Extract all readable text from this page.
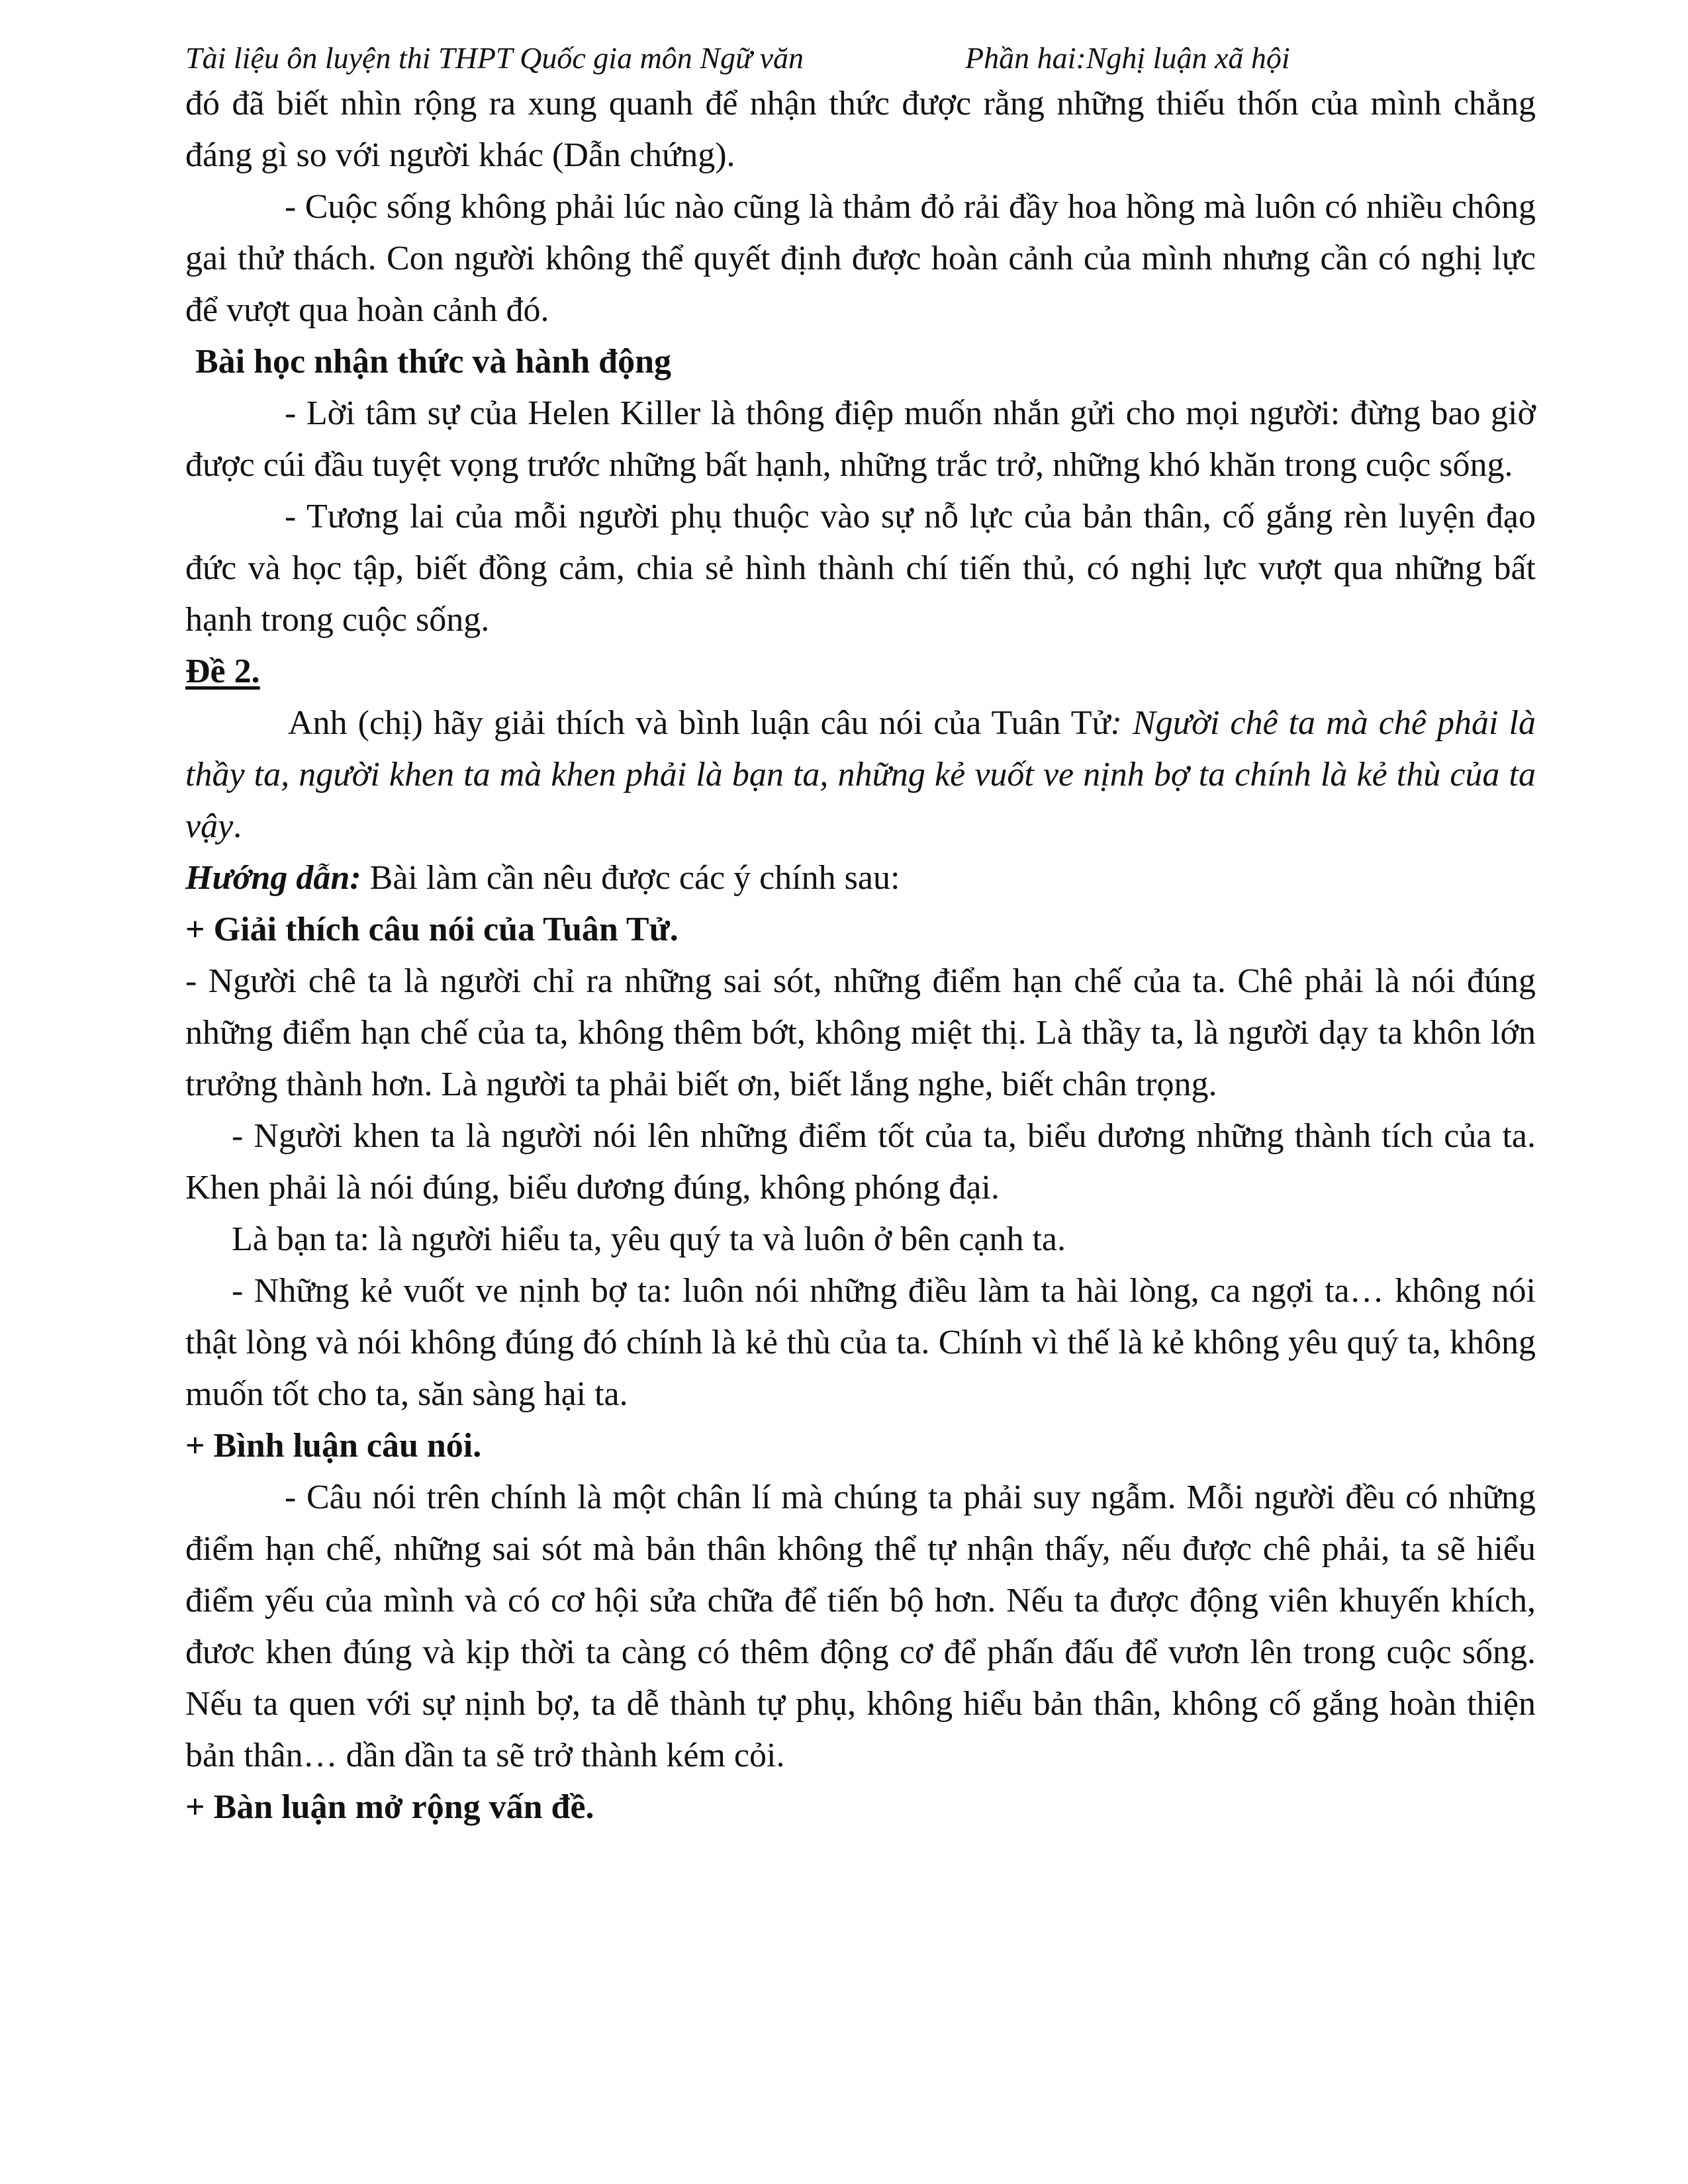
Tài liệu ôn luyện thi THPT Quốc gia môn Ngữ văn	Phần hai:Nghị luận xã hội

đó đã biết nhìn rộng ra xung quanh để nhận thức được rằng những thiếu thốn của mình chẳng đáng gì so với người khác (Dẫn chứng).

- Cuộc sống không phải lúc nào cũng là thảm đỏ rải đầy hoa hồng mà luôn có nhiều chông gai thử thách. Con người không thể quyết định được hoàn cảnh của mình nhưng cần có nghị lực để vượt qua hoàn cảnh đó.

Bài học nhận thức và hành động

- Lời tâm sự của Helen Killer là thông điệp muốn nhắn gửi cho mọi người: đừng bao giờ được cúi đầu tuyệt vọng trước những bất hạnh, những trắc trở, những khó khăn trong cuộc sống.

- Tương lai của mỗi người phụ thuộc vào sự nỗ lực của bản thân, cố gắng rèn luyện đạo đức và học tập, biết đồng cảm, chia sẻ hình thành chí tiến thủ, có nghị lực vượt qua những bất hạnh trong cuộc sống.

Đề 2.

Anh (chị) hãy giải thích và bình luận câu nói của Tuân Tử: Người chê ta mà chê phải là thầy ta, người khen ta mà khen phải là bạn ta, những kẻ vuốt ve nịnh bợ ta chính là kẻ thù của ta vậy.

Hướng dẫn: Bài làm cần nêu được các ý chính sau:

+ Giải thích câu nói của Tuân Tử.

- Người chê ta là người chỉ ra những sai sót, những điểm hạn chế của ta. Chê phải là nói đúng những điểm hạn chế của ta, không thêm bớt, không miệt thị. Là thầy ta, là người dạy ta khôn lớn trưởng thành hơn. Là người ta phải biết ơn, biết lắng nghe, biết chân trọng.

- Người khen ta là người nói lên những điểm tốt của ta, biểu dương những thành tích của ta. Khen phải là nói đúng, biểu dương đúng, không phóng đại.

Là bạn ta: là người hiểu ta, yêu quý ta và luôn ở bên cạnh ta.

- Những kẻ vuốt ve nịnh bợ ta: luôn nói những điều làm ta hài lòng, ca ngợi ta… không nói thật lòng và nói không đúng đó chính là kẻ thù của ta. Chính vì thế là kẻ không yêu quý ta, không muốn tốt cho ta, săn sàng hại ta.

+ Bình luận câu nói.

- Câu nói trên chính là một chân lí mà chúng ta phải suy ngẫm. Mỗi người đều có những điểm hạn chế, những sai sót mà bản thân không thể tự nhận thấy, nếu được chê phải, ta sẽ hiểu điểm yếu của mình và có cơ hội sửa chữa để tiến bộ hơn. Nếu ta được động viên khuyến khích, đươc khen đúng và kịp thời ta càng có thêm động cơ để phấn đấu để vươn lên trong cuộc sống. Nếu ta quen với sự nịnh bợ, ta dễ thành tự phụ, không hiểu bản thân, không cố gắng hoàn thiện bản thân… dần dần ta sẽ trở thành kém cỏi.

+ Bàn luận mở rộng vấn đề.
